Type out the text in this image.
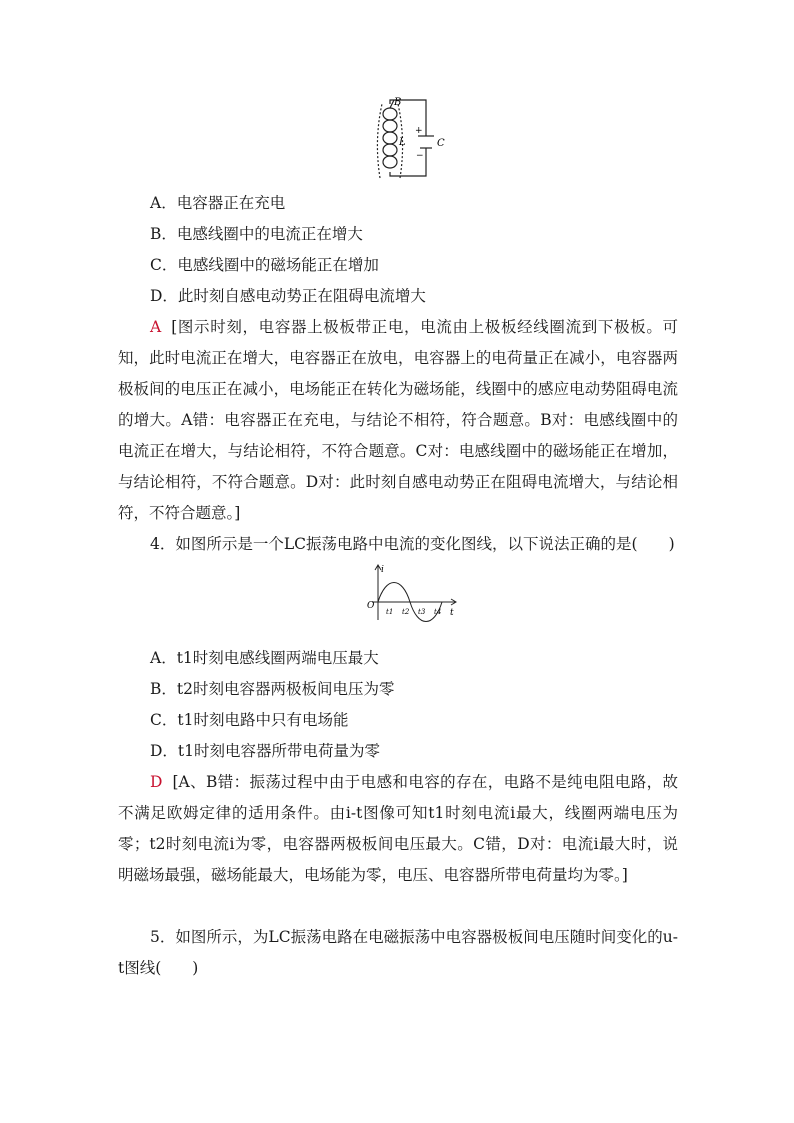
B
L	C
+
−
A．电容器正在充电
B．电感线圈中的电流正在增大
C．电感线圈中的磁场能正在增加
D．此时刻自感电动势正在阻碍电流增大
A [图示时刻，电容器上极板带正电，电流由上极板经线圈流到下极板。可知，此时电流正在增大，电容器正在放电，电容器上的电荷量正在减小，电容器两极板间的电压正在减小，电场能正在转化为磁场能，线圈中的感应电动势阻碍电流的增大。A错：电容器正在充电，与结论不相符，符合题意。B对：电感线圈中的电流正在增大，与结论相符，不符合题意。C对：电感线圈中的磁场能正在增加，与结论相符，不符合题意。D对：此时刻自感电动势正在阻碍电流增大，与结论相符，不符合题意。]
4．如图所示是一个LC振荡电路中电流的变化图线，以下说法正确的是(　　)
i
O
t1 t2 t3 t4 t
A．t1时刻电感线圈两端电压最大
B．t2时刻电容器两极板间电压为零
C．t1时刻电路中只有电场能
D．t1时刻电容器所带电荷量为零
D [A、B错：振荡过程中由于电感和电容的存在，电路不是纯电阻电路，故不满足欧姆定律的适用条件。由i-t图像可知t1时刻电流i最大，线圈两端电压为零；t2时刻电流i为零，电容器两极板间电压最大。C错，D对：电流i最大时，说明磁场最强，磁场能最大，电场能为零，电压、电容器所带电荷量均为零。]
5．如图所示，为LC振荡电路在电磁振荡中电容器极板间电压随时间变化的u-t图线(　　)
